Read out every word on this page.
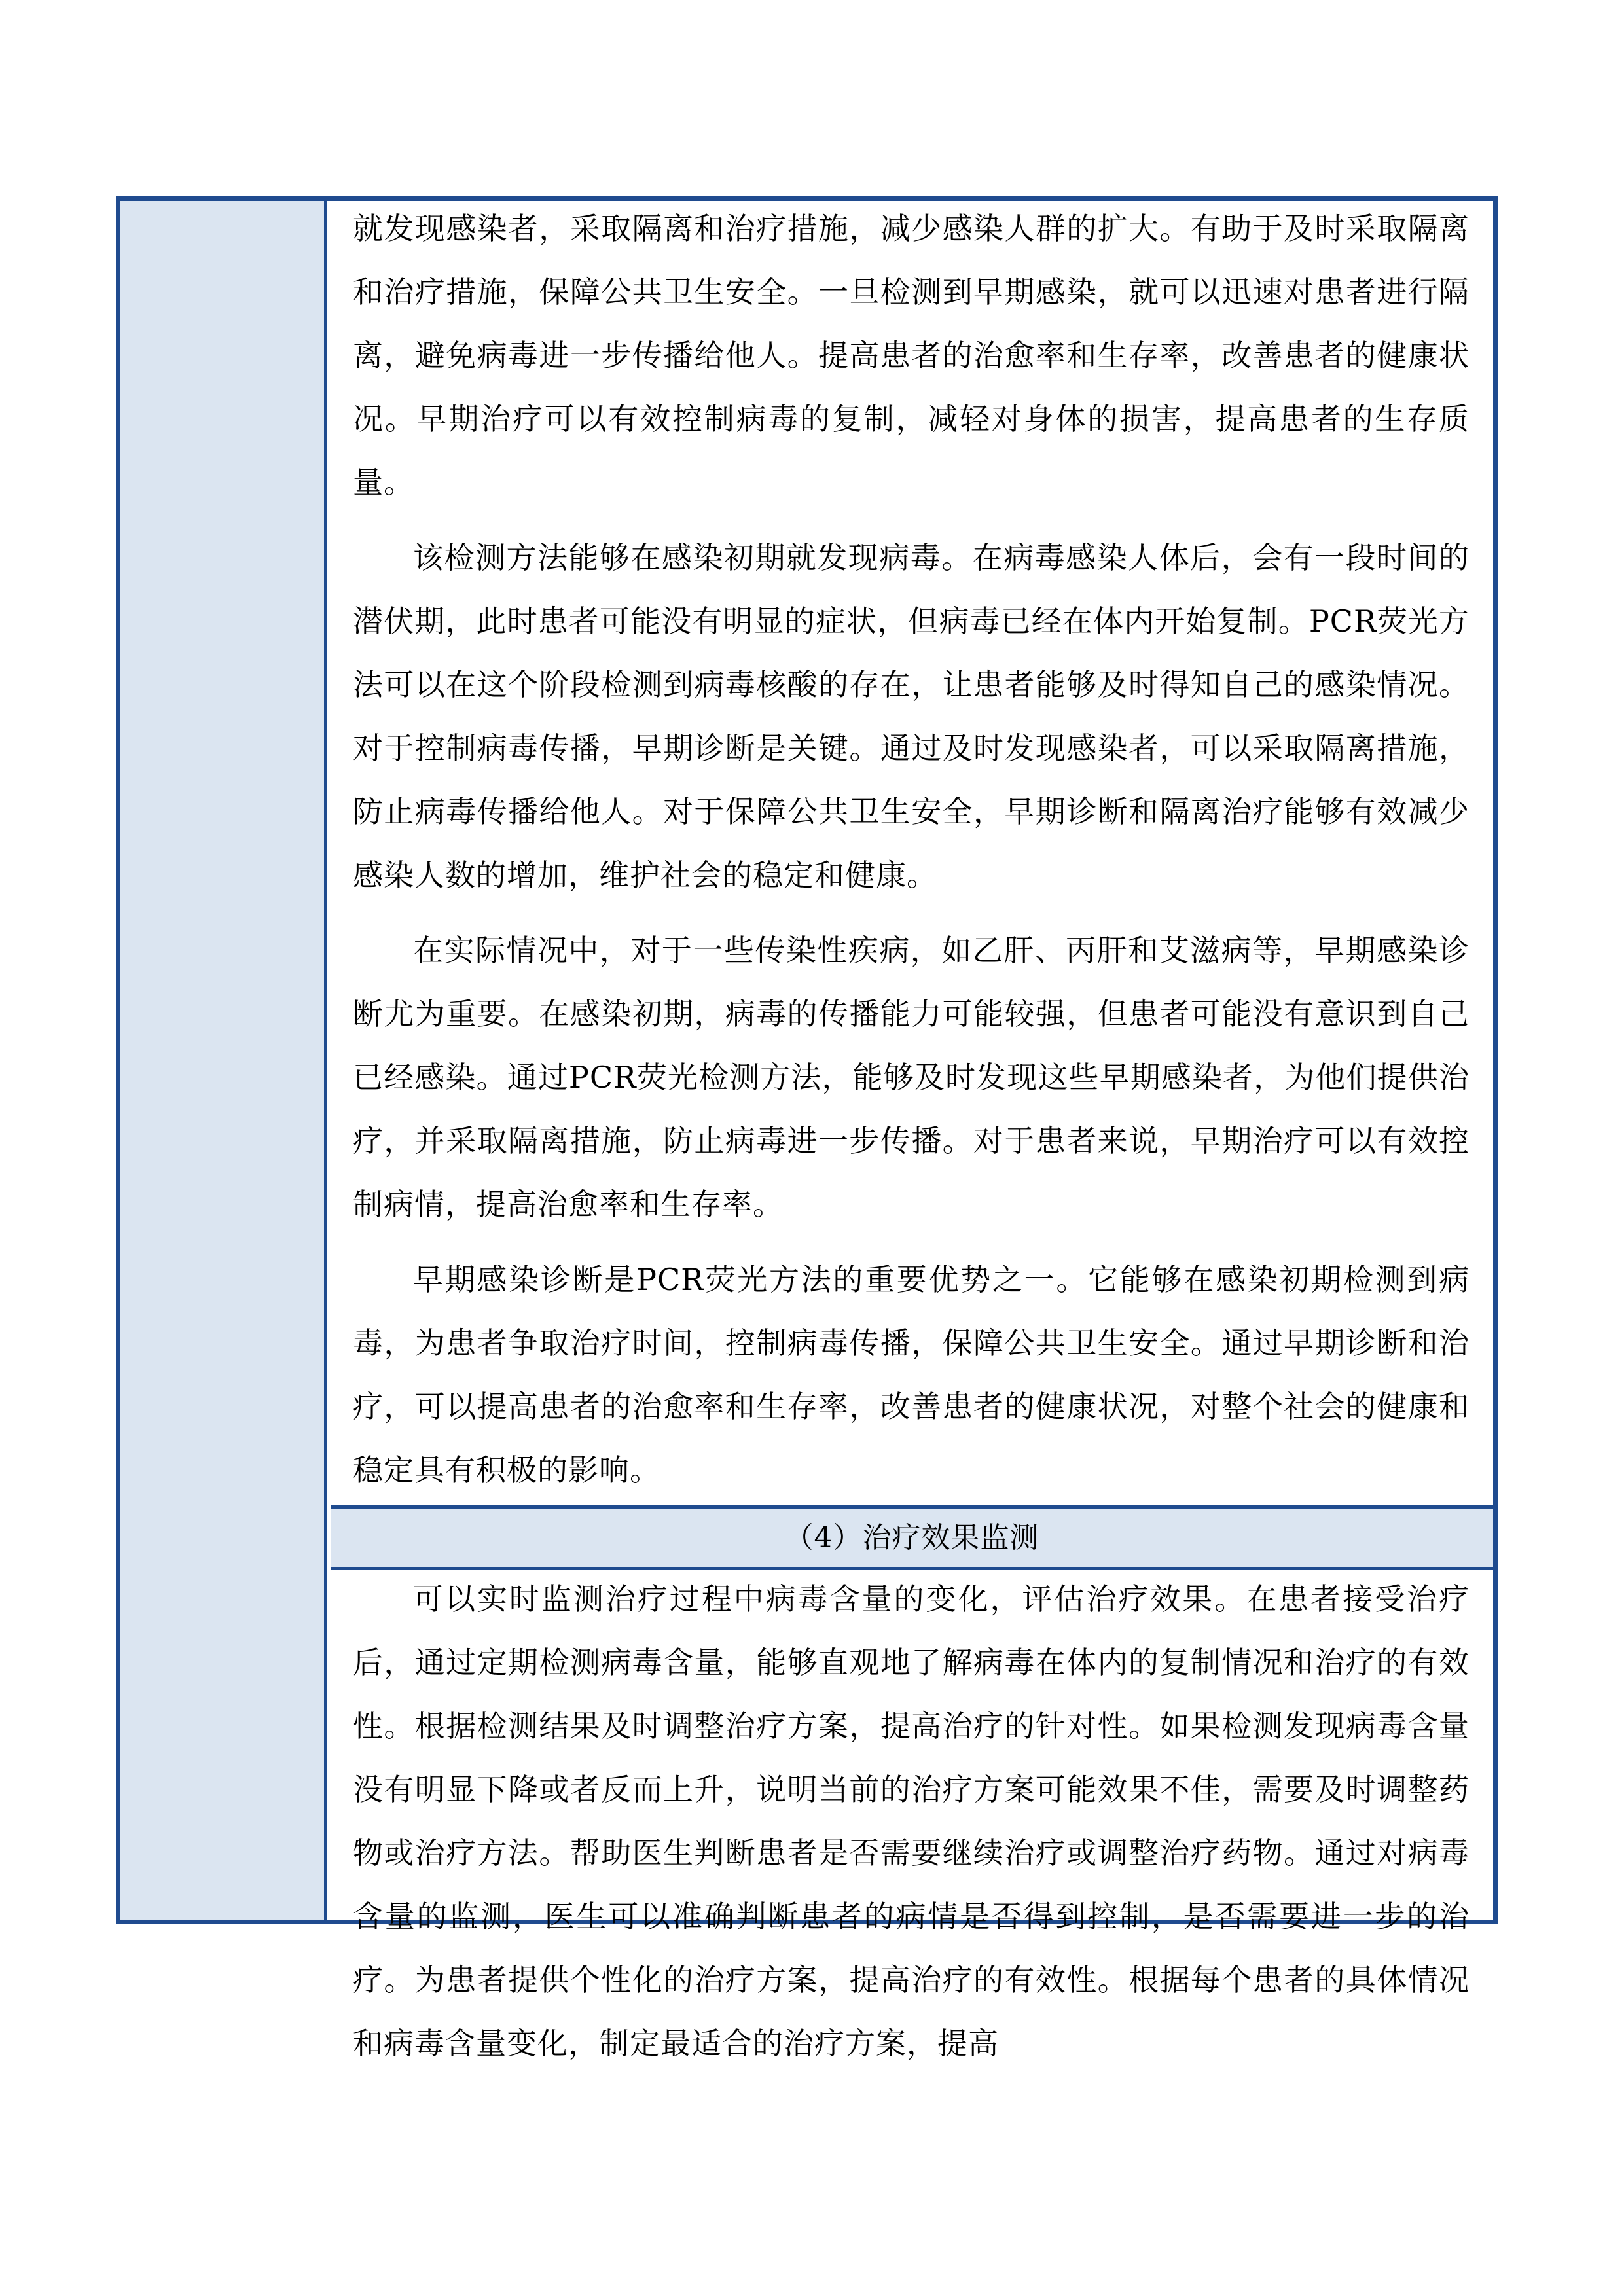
就发现感染者，采取隔离和治疗措施，减少感染人群的扩大。有助于及时采取隔离和治疗措施，保障公共卫生安全。一旦检测到早期感染，就可以迅速对患者进行隔离，避免病毒进一步传播给他人。提高患者的治愈率和生存率，改善患者的健康状况。早期治疗可以有效控制病毒的复制，减轻对身体的损害，提高患者的生存质量。

该检测方法能够在感染初期就发现病毒。在病毒感染人体后，会有一段时间的潜伏期，此时患者可能没有明显的症状，但病毒已经在体内开始复制。PCR荧光方法可以在这个阶段检测到病毒核酸的存在，让患者能够及时得知自己的感染情况。对于控制病毒传播，早期诊断是关键。通过及时发现感染者，可以采取隔离措施，防止病毒传播给他人。对于保障公共卫生安全，早期诊断和隔离治疗能够有效减少感染人数的增加，维护社会的稳定和健康。

在实际情况中，对于一些传染性疾病，如乙肝、丙肝和艾滋病等，早期感染诊断尤为重要。在感染初期，病毒的传播能力可能较强，但患者可能没有意识到自己已经感染。通过PCR荧光检测方法，能够及时发现这些早期感染者，为他们提供治疗，并采取隔离措施，防止病毒进一步传播。对于患者来说，早期治疗可以有效控制病情，提高治愈率和生存率。

早期感染诊断是PCR荧光方法的重要优势之一。它能够在感染初期检测到病毒，为患者争取治疗时间，控制病毒传播，保障公共卫生安全。通过早期诊断和治疗，可以提高患者的治愈率和生存率，改善患者的健康状况，对整个社会的健康和稳定具有积极的影响。

（4）治疗效果监测

可以实时监测治疗过程中病毒含量的变化，评估治疗效果。在患者接受治疗后，通过定期检测病毒含量，能够直观地了解病毒在体内的复制情况和治疗的有效性。根据检测结果及时调整治疗方案，提高治疗的针对性。如果检测发现病毒含量没有明显下降或者反而上升，说明当前的治疗方案可能效果不佳，需要及时调整药物或治疗方法。帮助医生判断患者是否需要继续治疗或调整治疗药物。通过对病毒含量的监测，医生可以准确判断患者的病情是否得到控制，是否需要进一步的治疗。为患者提供个性化的治疗方案，提高治疗的有效性。根据每个患者的具体情况和病毒含量变化，制定最适合的治疗方案，提高
